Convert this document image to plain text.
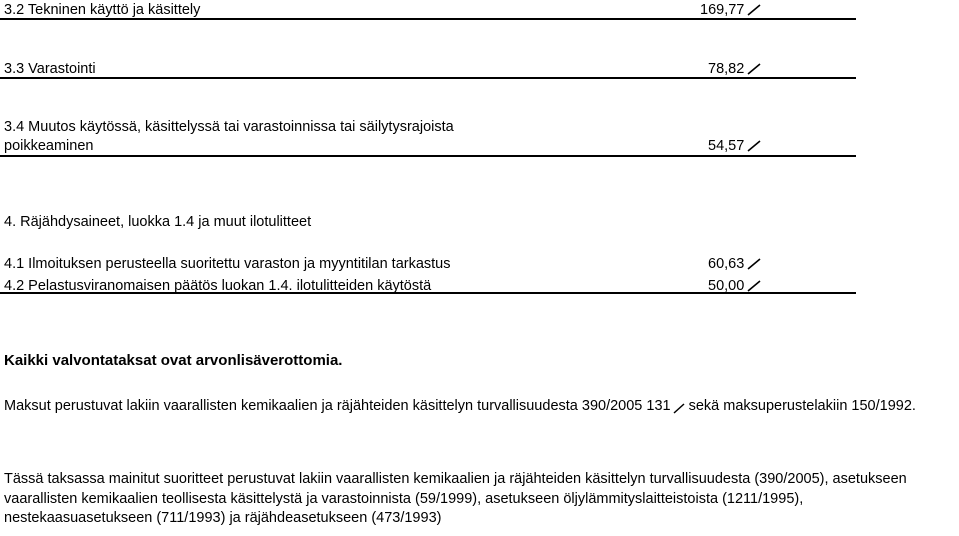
3.2 Tekninen käyttö ja käsittely	169,77
3.3 Varastointi	78,82
3.4 Muutos käytössä, käsittelyssä tai varastoinnissa tai säilytysrajoista
poikkeaminen	54,57
4. Räjähdysaineet, luokka 1.4 ja muut ilotulitteet
4.1 Ilmoituksen perusteella suoritettu varaston ja myyntitilan tarkastus	60,63
4.2 Pelastusviranomaisen päätös luokan 1.4. ilotulitteiden käytöstä	50,00
Kaikki valvontataksat ovat arvonlisäverottomia.
Maksut perustuvat lakiin vaarallisten kemikaalien ja räjähteiden käsittelyn turvallisuudesta 390/2005 131 sekä maksuperustelakiin 150/1992.
Tässä taksassa mainitut suoritteet perustuvat lakiin vaarallisten kemikaalien ja räjähteiden käsittelyn turvallisuudesta (390/2005), asetukseen vaarallisten kemikaalien teollisesta käsittelystä ja varastoinnista (59/1999), asetukseen öljylämmityslaitteistoista (1211/1995), nestekaasuasetukseen (711/1993) ja räjähdeasetukseen (473/1993)
